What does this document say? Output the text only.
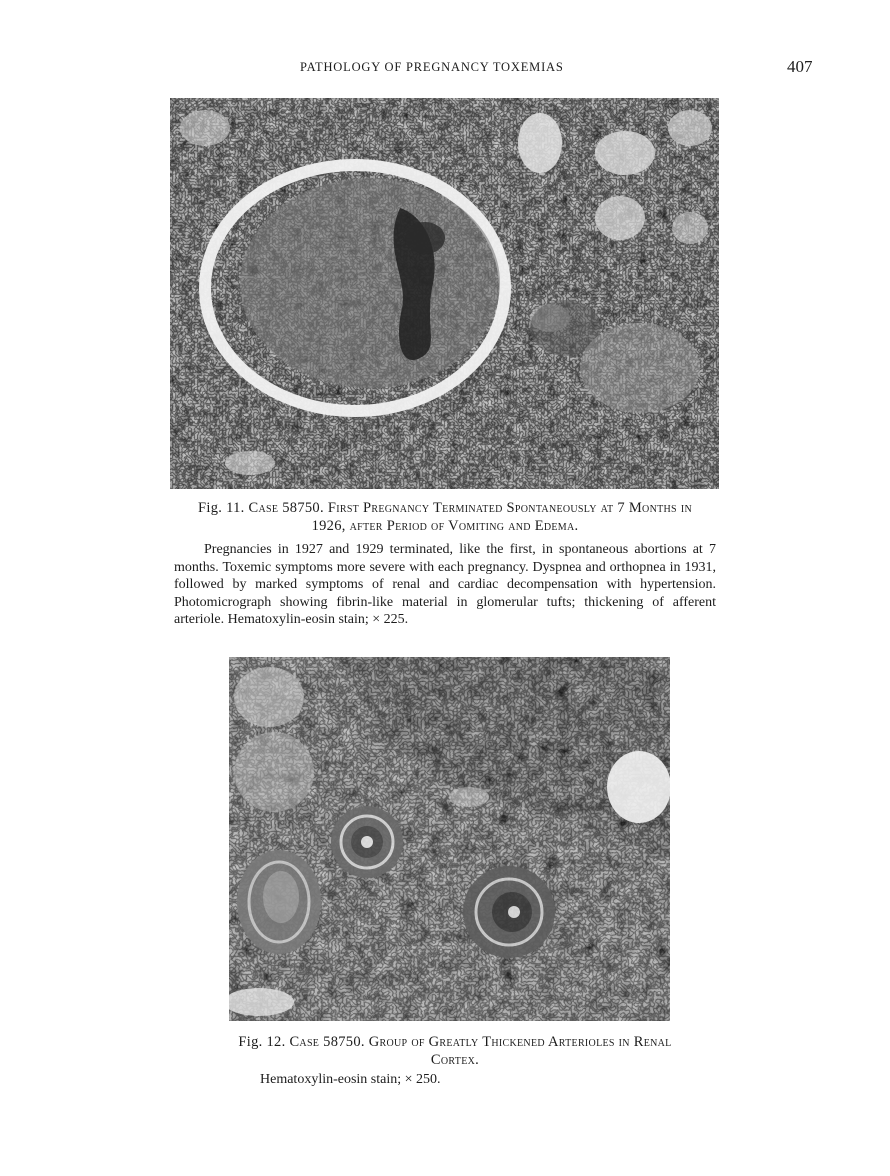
PATHOLOGY OF PREGNANCY TOXEMIAS	407
Fig. 11. Case 58750. First Pregnancy Terminated Spontaneously at 7 Months in 1926, after Period of Vomiting and Edema.
Pregnancies in 1927 and 1929 terminated, like the first, in spontaneous abortions at 7 months. Toxemic symptoms more severe with each pregnancy. Dyspnea and orthopnea in 1931, followed by marked symptoms of renal and cardiac decompensation with hypertension. Photomicrograph showing fibrin-like material in glomerular tufts; thickening of afferent arteriole. Hematoxylin-eosin stain; × 225.
Fig. 12. Case 58750. Group of Greatly Thickened Arterioles in Renal Cortex.
Hematoxylin-eosin stain; × 250.
